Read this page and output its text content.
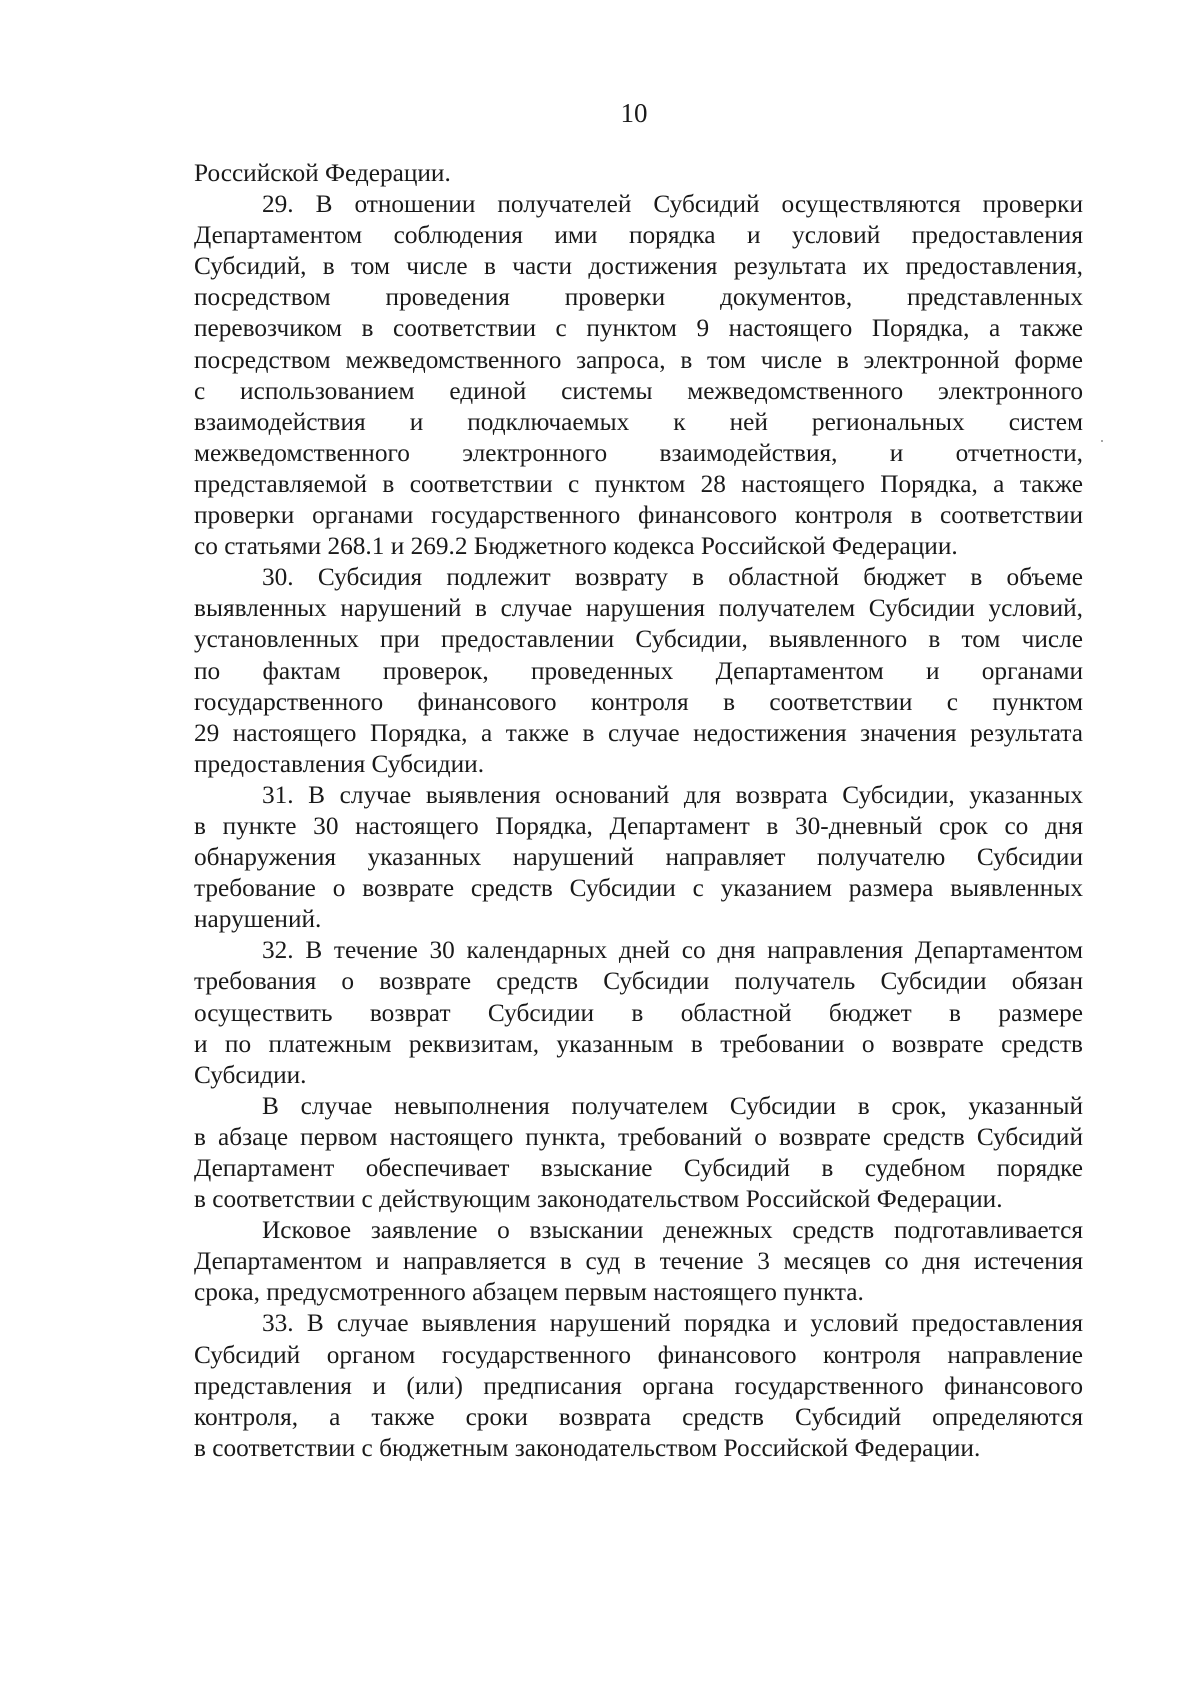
10
Российской Федерации.
29. В отношении получателей Субсидий осуществляются проверки
Департаментом соблюдения ими порядка и условий предоставления
Субсидий, в том числе в части достижения результата их предоставления,
посредством проведения проверки документов, представленных
перевозчиком в соответствии с пунктом 9 настоящего Порядка, а также
посредством межведомственного запроса, в том числе в электронной форме
с использованием единой системы межведомственного электронного
взаимодействия и подключаемых к ней региональных систем
межведомственного электронного взаимодействия, и отчетности,
представляемой в соответствии с пунктом 28 настоящего Порядка, а также
проверки органами государственного финансового контроля в соответствии
со статьями 268.1 и 269.2 Бюджетного кодекса Российской Федерации.
30. Субсидия подлежит возврату в областной бюджет в объеме
выявленных нарушений в случае нарушения получателем Субсидии условий,
установленных при предоставлении Субсидии, выявленного в том числе
по фактам проверок, проведенных Департаментом и органами
государственного финансового контроля в соответствии с пунктом
29 настоящего Порядка, а также в случае недостижения значения результата
предоставления Субсидии.
31. В случае выявления оснований для возврата Субсидии, указанных
в пункте 30 настоящего Порядка, Департамент в 30-дневный срок со дня
обнаружения указанных нарушений направляет получателю Субсидии
требование о возврате средств Субсидии с указанием размера выявленных
нарушений.
32. В течение 30 календарных дней со дня направления Департаментом
требования о возврате средств Субсидии получатель Субсидии обязан
осуществить возврат Субсидии в областной бюджет в размере
и по платежным реквизитам, указанным в требовании о возврате средств
Субсидии.
В случае невыполнения получателем Субсидии в срок, указанный
в абзаце первом настоящего пункта, требований о возврате средств Субсидий
Департамент обеспечивает взыскание Субсидий в судебном порядке
в соответствии с действующим законодательством Российской Федерации.
Исковое заявление о взыскании денежных средств подготавливается
Департаментом и направляется в суд в течение 3 месяцев со дня истечения
срока, предусмотренного абзацем первым настоящего пункта.
33. В случае выявления нарушений порядка и условий предоставления
Субсидий органом государственного финансового контроля направление
представления и (или) предписания органа государственного финансового
контроля, а также сроки возврата средств Субсидий определяются
в соответствии с бюджетным законодательством Российской Федерации.
